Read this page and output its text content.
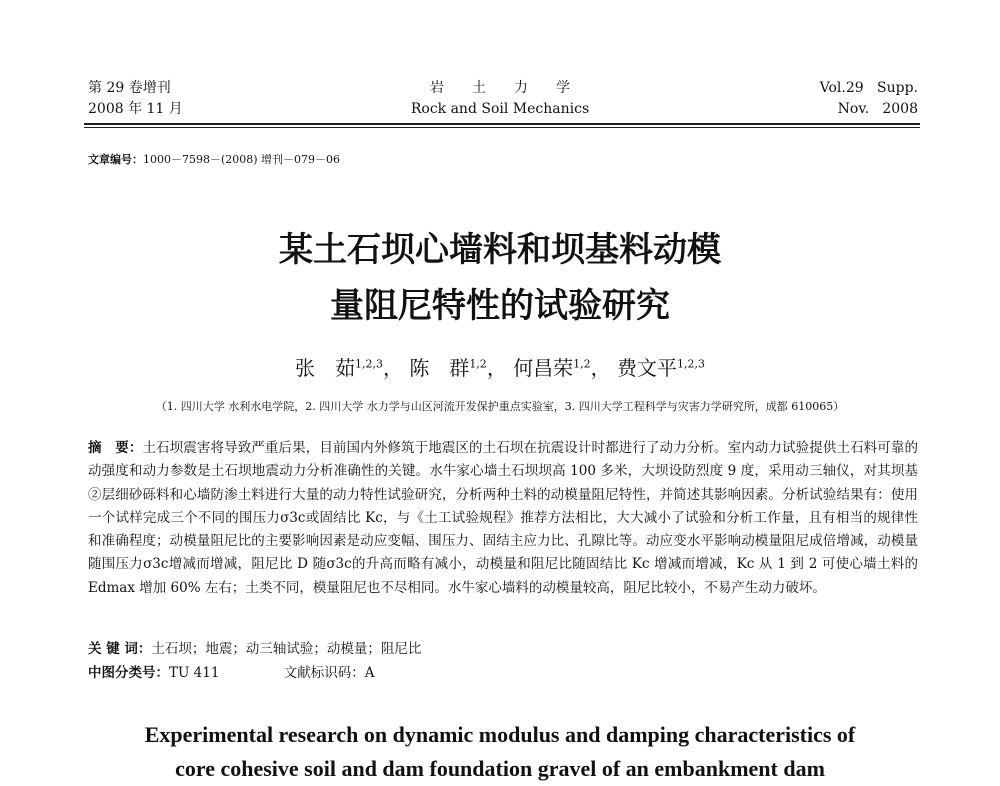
第 29 卷增刊
2008 年 11 月
岩土力学
Rock and Soil Mechanics
Vol.29   Supp.
Nov.   2008
文章编号：1000－7598－(2008) 增刊－079－06
某土石坝心墙料和坝基料动模
量阻尼特性的试验研究
张　茹$^{1,2,3}$， 陈　群$^{1,2}$， 何昌荣$^{1,2}$， 费文平$^{1,2,3}$
（1. 四川大学 水利水电学院，2. 四川大学 水力学与山区河流开发保护重点实验室，3. 四川大学工程科学与灾害力学研究所，成都 610065）
摘　要：土石坝震害将导致严重后果，目前国内外修筑于地震区的土石坝在抗震设计时都进行了动力分析。室内动力试验提供土石料可靠的动强度和动力参数是土石坝地震动力分析准确性的关键。水牛家心墙土石坝坝高 100 多米，大坝设防烈度 9 度，采用动三轴仪，对其坝基②层细砂砾料和心墙防渗土料进行大量的动力特性试验研究，分析两种土料的动模量阻尼特性，并简述其影响因素。分析试验结果有：使用一个试样完成三个不同的围压力σ3c或固结比 Kc，与《土工试验规程》推荐方法相比，大大减小了试验和分析工作量，且有相当的规律性和准确程度；动模量阻尼比的主要影响因素是动应变幅、围压力、固结主应力比、孔隙比等。动应变水平影响动模量阻尼成倍增减，动模量随围压力σ3c增减而增减，阻尼比 D 随σ3c的升高而略有减小，动模量和阻尼比随固结比 Kc 增减而增减，Kc 从 1 到 2 可使心墙土料的 Edmax 增加 60% 左右；土类不同，模量阻尼也不尽相同。水牛家心墙料的动模量较高，阻尼比较小，不易产生动力破坏。
关 键 词：土石坝；地震；动三轴试验；动模量；阻尼比
中图分类号：TU 411	文献标识码：A
Experimental research on dynamic modulus and damping characteristics of
core cohesive soil and dam foundation gravel of an embankment dam
